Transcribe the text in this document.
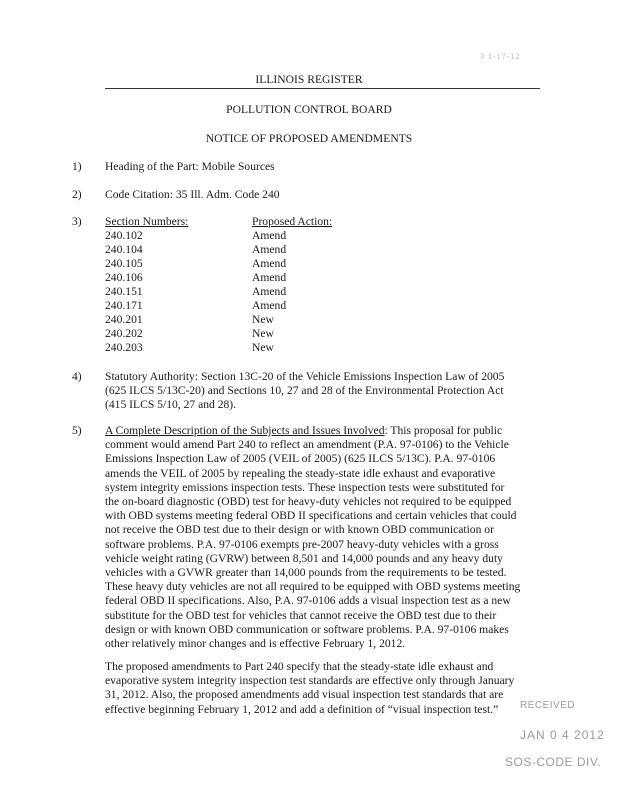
3 1-17-12
ILLINOIS REGISTER
POLLUTION CONTROL BOARD
NOTICE OF PROPOSED AMENDMENTS
1) Heading of the Part: Mobile Sources
2) Code Citation: 35 Ill. Adm. Code 240
3) Section Numbers:
240.102
240.104
240.105
240.106
240.151
240.171
240.201
240.202
240.203
Proposed Action:
Amend
Amend
Amend
Amend
Amend
Amend
New
New
New
4) Statutory Authority: Section 13C-20 of the Vehicle Emissions Inspection Law of 2005
(625 ILCS 5/13C-20) and Sections 10, 27 and 28 of the Environmental Protection Act
(415 ILCS 5/10, 27 and 28).
5) A Complete Description of the Subjects and Issues Involved: This proposal for public
comment would amend Part 240 to reflect an amendment (P.A. 97-0106) to the Vehicle
Emissions Inspection Law of 2005 (VEIL of 2005) (625 ILCS 5/13C). P.A. 97-0106
amends the VEIL of 2005 by repealing the steady-state idle exhaust and evaporative
system integrity emissions inspection tests. These inspection tests were substituted for
the on-board diagnostic (OBD) test for heavy-duty vehicles not required to be equipped
with OBD systems meeting federal OBD II specifications and certain vehicles that could
not receive the OBD test due to their design or with known OBD communication or
software problems. P.A. 97-0106 exempts pre-2007 heavy-duty vehicles with a gross
vehicle weight rating (GVRW) between 8,501 and 14,000 pounds and any heavy duty
vehicles with a GVWR greater than 14,000 pounds from the requirements to be tested.
These heavy duty vehicles are not all required to be equipped with OBD systems meeting
federal OBD II specifications. Also, P.A. 97-0106 adds a visual inspection test as a new
substitute for the OBD test for vehicles that cannot receive the OBD test due to their
design or with known OBD communication or software problems. P.A. 97-0106 makes
other relatively minor changes and is effective February 1, 2012.
The proposed amendments to Part 240 specify that the steady-state idle exhaust and
evaporative system integrity inspection test standards are effective only through January
31, 2012. Also, the proposed amendments add visual inspection test standards that are
effective beginning February 1, 2012 and add a definition of “visual inspection test.”	RECEIVED
JAN 0 4 2012
SOS-CODE DIV.
